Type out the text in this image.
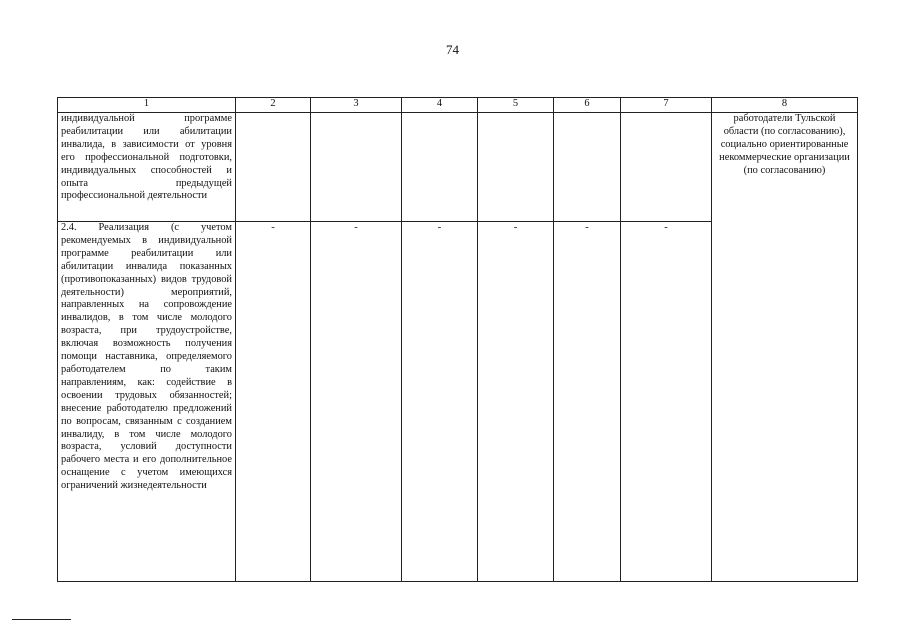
74
1	2	3	4	5	6	7	8
индивидуальной программе реабилитации или абилитации инвалида, в зависимости от уровня его профессиональной подготовки, индивидуальных способностей и опыта предыдущей профессиональной деятельности							работодатели Тульской области (по согласованию), социально ориентированные некоммерческие организации (по согласованию)
2.4. Реализация (с учетом рекомендуемых в индивидуальной программе реабилитации или абилитации инвалида показанных (противопоказанных) видов трудовой деятельности) мероприятий, направленных на сопровождение инвалидов, в том числе молодого возраста, при трудоустройстве, включая возможность получения помощи наставника, определяемого работодателем по таким направлениям, как: содействие в освоении трудовых обязанностей; внесение работодателю предложений по вопросам, связанным с созданием инвалиду, в том числе молодого возраста, условий доступности рабочего места и его дополнительное оснащение с учетом имеющихся ограничений жизнедеятельности	-	-	-	-	-	-	
